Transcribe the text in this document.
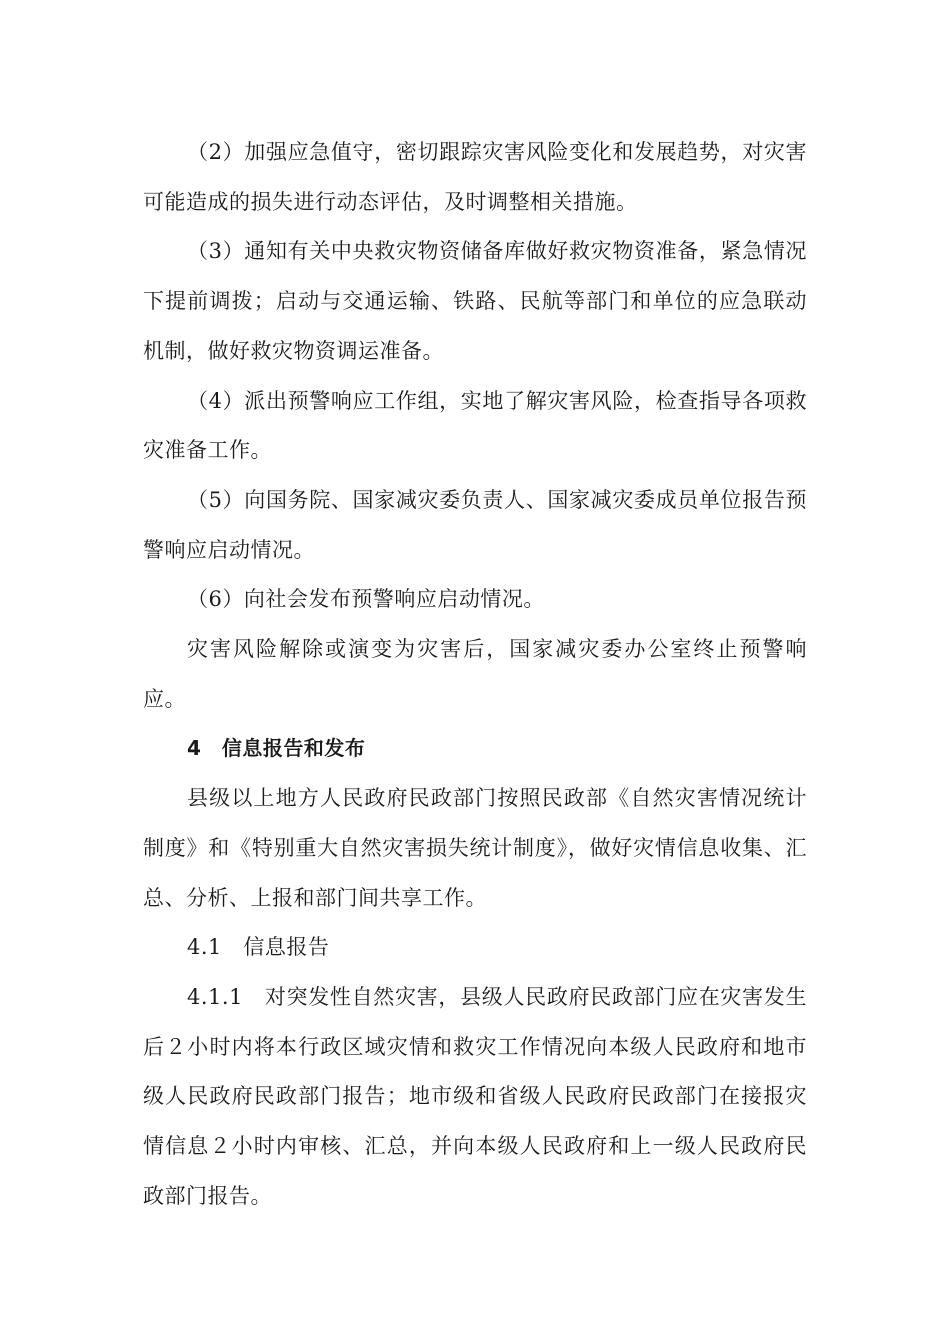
（2）加强应急值守，密切跟踪灾害风险变化和发展趋势，对灾害可能造成的损失进行动态评估，及时调整相关措施。

（3）通知有关中央救灾物资储备库做好救灾物资准备，紧急情况下提前调拨；启动与交通运输、铁路、民航等部门和单位的应急联动机制，做好救灾物资调运准备。

（4）派出预警响应工作组，实地了解灾害风险，检查指导各项救灾准备工作。

（5）向国务院、国家减灾委负责人、国家减灾委成员单位报告预警响应启动情况。

（6）向社会发布预警响应启动情况。

灾害风险解除或演变为灾害后，国家减灾委办公室终止预警响应。

4　信息报告和发布

县级以上地方人民政府民政部门按照民政部《自然灾害情况统计制度》和《特别重大自然灾害损失统计制度》，做好灾情信息收集、汇总、分析、上报和部门间共享工作。

4.1　信息报告

4.1.1　对突发性自然灾害，县级人民政府民政部门应在灾害发生后２小时内将本行政区域灾情和救灾工作情况向本级人民政府和地市级人民政府民政部门报告；地市级和省级人民政府民政部门在接报灾情信息２小时内审核、汇总，并向本级人民政府和上一级人民政府民政部门报告。
